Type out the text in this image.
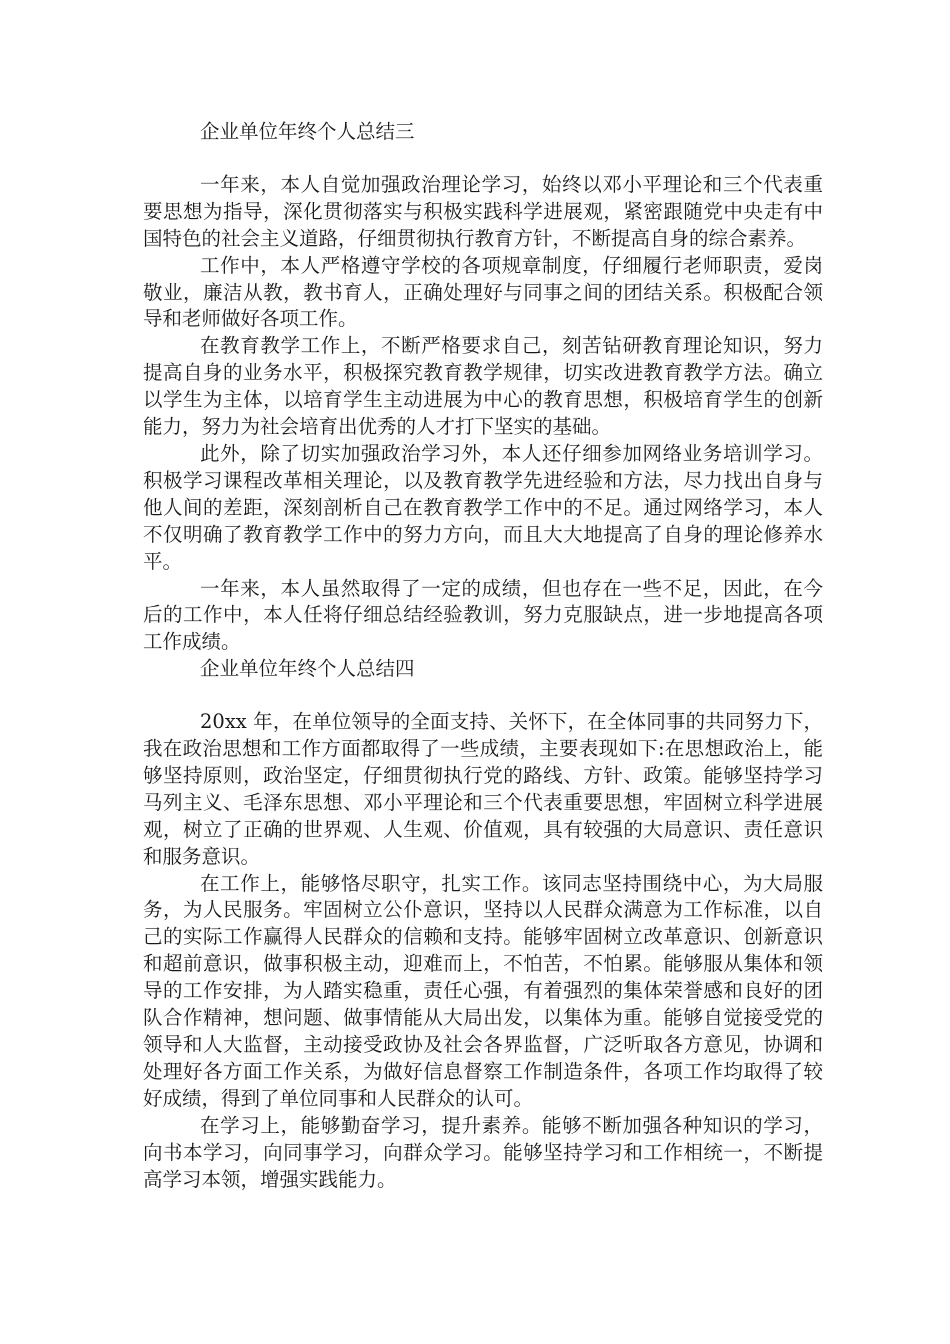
企业单位年终个人总结三

一年来，本人自觉加强政治理论学习，始终以邓小平理论和三个代表重要思想为指导，深化贯彻落实与积极实践科学进展观，紧密跟随党中央走有中国特色的社会主义道路，仔细贯彻执行教育方针，不断提高自身的综合素养。

工作中，本人严格遵守学校的各项规章制度，仔细履行老师职责，爱岗敬业，廉洁从教，教书育人，正确处理好与同事之间的团结关系。积极配合领导和老师做好各项工作。

在教育教学工作上，不断严格要求自己，刻苦钻研教育理论知识，努力提高自身的业务水平，积极探究教育教学规律，切实改进教育教学方法。确立以学生为主体，以培育学生主动进展为中心的教育思想，积极培育学生的创新能力，努力为社会培育出优秀的人才打下坚实的基础。

此外，除了切实加强政治学习外，本人还仔细参加网络业务培训学习。积极学习课程改革相关理论，以及教育教学先进经验和方法，尽力找出自身与他人间的差距，深刻剖析自己在教育教学工作中的不足。通过网络学习，本人不仅明确了教育教学工作中的努力方向，而且大大地提高了自身的理论修养水平。

一年来，本人虽然取得了一定的成绩，但也存在一些不足，因此，在今后的工作中，本人任将仔细总结经验教训，努力克服缺点，进一步地提高各项工作成绩。

企业单位年终个人总结四

20xx 年，在单位领导的全面支持、关怀下，在全体同事的共同努力下，我在政治思想和工作方面都取得了一些成绩，主要表现如下:在思想政治上，能够坚持原则，政治坚定，仔细贯彻执行党的路线、方针、政策。能够坚持学习马列主义、毛泽东思想、邓小平理论和三个代表重要思想，牢固树立科学进展观，树立了正确的世界观、人生观、价值观，具有较强的大局意识、责任意识和服务意识。

在工作上，能够恪尽职守，扎实工作。该同志坚持围绕中心，为大局服务，为人民服务。牢固树立公仆意识，坚持以人民群众满意为工作标准，以自己的实际工作赢得人民群众的信赖和支持。能够牢固树立改革意识、创新意识和超前意识，做事积极主动，迎难而上，不怕苦，不怕累。能够服从集体和领导的工作安排，为人踏实稳重，责任心强，有着强烈的集体荣誉感和良好的团队合作精神，想问题、做事情能从大局出发，以集体为重。能够自觉接受党的领导和人大监督，主动接受政协及社会各界监督，广泛听取各方意见，协调和处理好各方面工作关系，为做好信息督察工作制造条件，各项工作均取得了较好成绩，得到了单位同事和人民群众的认可。

在学习上，能够勤奋学习，提升素养。能够不断加强各种知识的学习，向书本学习，向同事学习，向群众学习。能够坚持学习和工作相统一，不断提高学习本领，增强实践能力。
